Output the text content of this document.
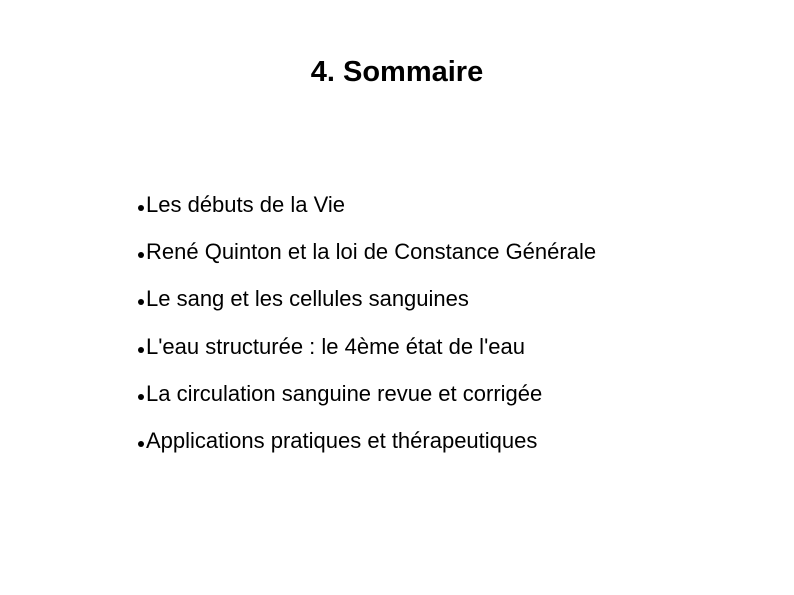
4. Sommaire
Les débuts de la Vie
René Quinton et la loi de Constance Générale
Le sang et les cellules sanguines
L'eau structurée : le 4ème état de l'eau
La circulation sanguine revue et corrigée
Applications pratiques et thérapeutiques
